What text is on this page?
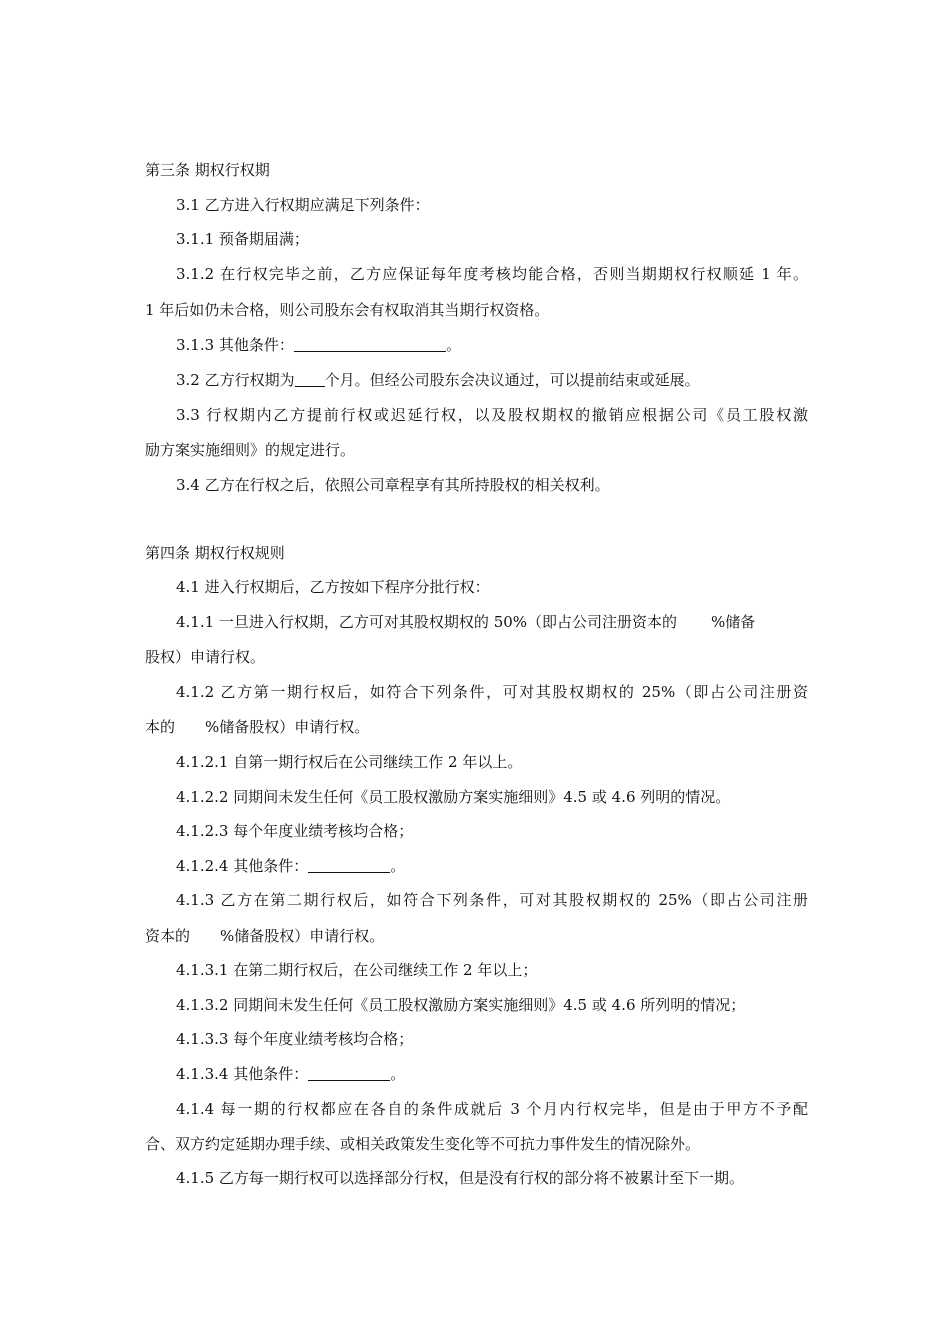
第三条 期权行权期

3.1 乙方进入行权期应满足下列条件：

3.1.1 预备期届满；

3.1.2 在行权完毕之前，乙方应保证每年度考核均能合格，否则当期期权行权顺延 1 年。

1 年后如仍未合格，则公司股东会有权取消其当期行权资格。

3.1.3 其他条件：	。

3.2 乙方行权期为 个月。但经公司股东会决议通过，可以提前结束或延展。

3.3 行权期内乙方提前行权或迟延行权，以及股权期权的撤销应根据公司《员工股权激

励方案实施细则》的规定进行。

3.4 乙方在行权之后，依照公司章程享有其所持股权的相关权利。

第四条 期权行权规则

4.1 进入行权期后，乙方按如下程序分批行权：

4.1.1 一旦进入行权期，乙方可对其股权期权的 50%（即占公司注册资本的 %储备

股权）申请行权。

4.1.2 乙方第一期行权后，如符合下列条件，可对其股权期权的 25%（即占公司注册资

本的 %储备股权）申请行权。

4.1.2.1 自第一期行权后在公司继续工作 2 年以上。

4.1.2.2 同期间未发生任何《员工股权激励方案实施细则》4.5 或 4.6 列明的情况。

4.1.2.3 每个年度业绩考核均合格；

4.1.2.4 其他条件：	。

4.1.3 乙方在第二期行权后，如符合下列条件，可对其股权期权的 25%（即占公司注册

资本的 %储备股权）申请行权。

4.1.3.1 在第二期行权后，在公司继续工作 2 年以上；

4.1.3.2 同期间未发生任何《员工股权激励方案实施细则》4.5 或 4.6 所列明的情况；

4.1.3.3 每个年度业绩考核均合格；

4.1.3.4 其他条件：	。

4.1.4 每一期的行权都应在各自的条件成就后 3 个月内行权完毕，但是由于甲方不予配

合、双方约定延期办理手续、或相关政策发生变化等不可抗力事件发生的情况除外。

4.1.5 乙方每一期行权可以选择部分行权，但是没有行权的部分将不被累计至下一期。
